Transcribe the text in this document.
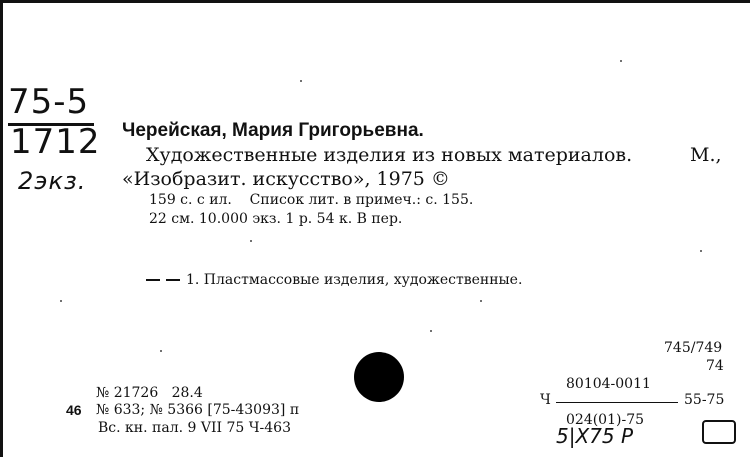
75-5
1712
2экз.
Черейская, Мария Григорьевна.
Художественные изделия из новых материалов.	М.,
«Изобразит. искусство», 1975 ©
159 с. с ил.    Список лит. в примеч.: с. 155.
22 см. 10.000 экз. 1 р. 54 к. В пер.
1. Пластмассовые изделия, художественные.
№ 21726   28.4
46 № 633; № 5366 [75-43093] п
Вс. кн. пал. 9 VII 75 Ч-463
745/749
74
80104-0011
Ч	55-75
024(01)-75
5|Х75 Р
